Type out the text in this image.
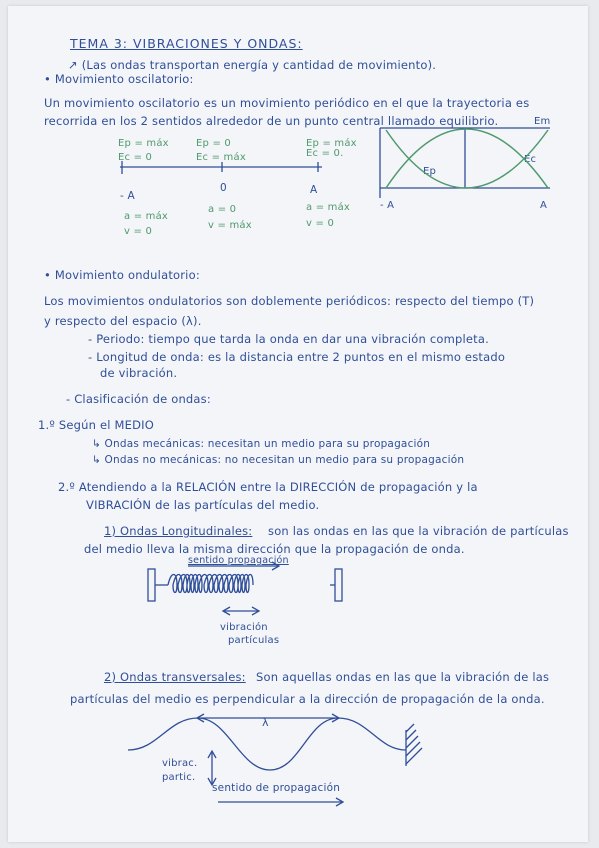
TEMA 3: VIBRACIONES Y ONDAS:
↗ (Las ondas transportan energía y cantidad de movimiento).
• Movimiento oscilatorio:
Un movimiento oscilatorio es un movimiento periódico en el que la trayectoria es
recorrida en los 2 sentidos alrededor de un punto central llamado equilibrio.
Ep = máx
Ec = 0
Ep = 0
Ec = máx
Ep = máx
Ec = 0.
- A
0	A
a = máx
v = 0
a = 0
v = máx
a = máx
v = 0
Em
Ep
Ec
- A	A
• Movimiento ondulatorio:
Los movimientos ondulatorios son doblemente periódicos: respecto del tiempo (T)
y respecto del espacio (λ).
- Periodo: tiempo que tarda la onda en dar una vibración completa.
- Longitud de onda: es la distancia entre 2 puntos en el mismo estado
de vibración.
- Clasificación de ondas:
1.º Según el MEDIO
↳ Ondas mecánicas: necesitan un medio para su propagación
↳ Ondas no mecánicas: no necesitan un medio para su propagación
2.º Atendiendo a la RELACIÓN entre la DIRECCIÓN de propagación y la
VIBRACIÓN de las partículas del medio.
1) Ondas Longitudinales: son las ondas en las que la vibración de partículas
del medio lleva la misma dirección que la propagación de onda.
sentido propagación
vibración
partículas
2) Ondas transversales: Son aquellas ondas en las que la vibración de las
partículas del medio es perpendicular a la dirección de propagación de la onda.
λ
vibrac.
partic.
sentido de propagación
